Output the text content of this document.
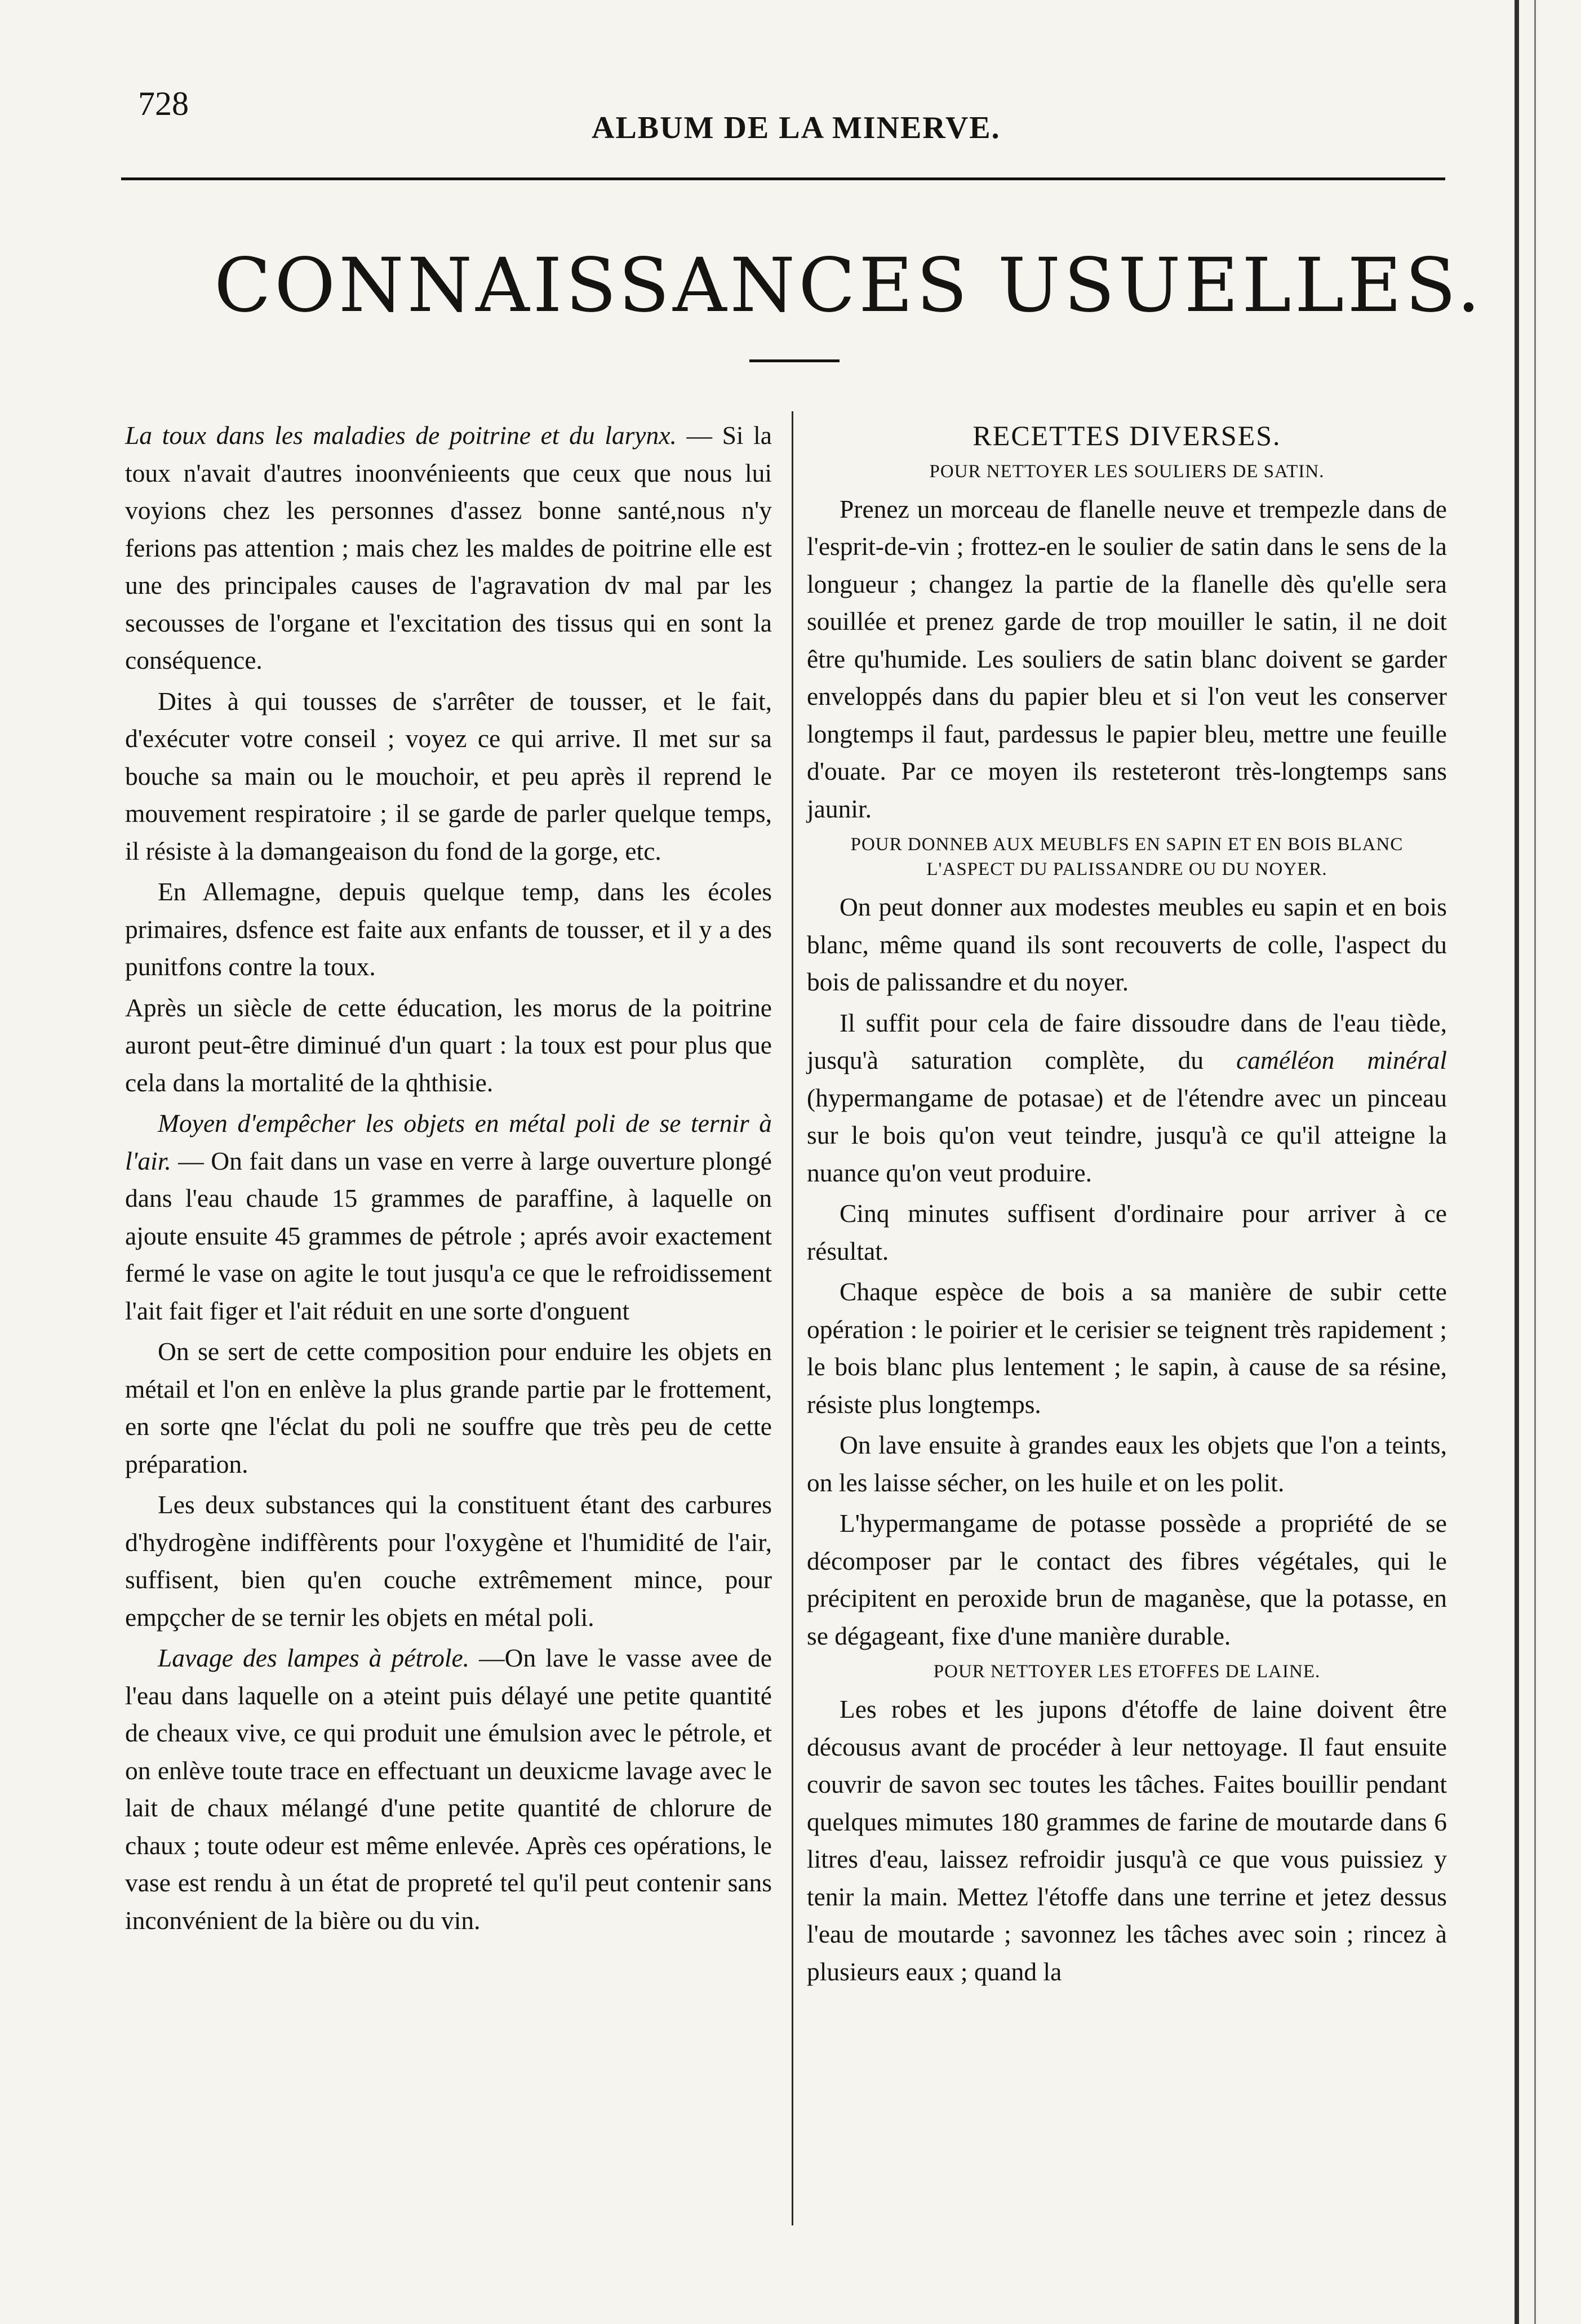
728
ALBUM DE LA MINERVE.
CONNAISSANCES USUELLES.

La toux dans les maladies de poitrine et du larynx. — Si la toux n'avait d'autres inoonvénieents que ceux que nous lui voyions chez les personnes d'assez bonne santé,nous n'y ferions pas attention ; mais chez les maldes de poitrine elle est une des principales causes de l'agravation dv mal par les secousses de l'organe et l'excitation des tissus qui en sont la conséquence.

Dites à qui tousses de s'arrêter de tousser, et le fait, d'exécuter votre conseil ; voyez ce qui arrive. Il met sur sa bouche sa main ou le mouchoir, et peu après il reprend le mouvement respiratoire ; il se garde de parler quelque temps, il résiste à la dəmangeaison du fond de la gorge, etc.

En Allemagne, depuis quelque temp, dans les écoles primaires, dsfence est faite aux enfants de tousser, et il y a des punitfons contre la toux.

Après un siècle de cette éducation, les morus de la poitrine auront peut-être diminué d'un quart : la toux est pour plus que cela dans la mortalité de la qhthisie.

Moyen d'empêcher les objets en métal poli de se ternir à l'air. — On fait dans un vase en verre à large ouverture plongé dans l'eau chaude 15 grammes de paraffine, à laquelle on ajoute ensuite 45 grammes de pétrole ; aprés avoir exactement fermé le vase on agite le tout jusqu'a ce que le refroidissement l'ait fait figer et l'ait réduit en une sorte d'onguent

On se sert de cette composition pour enduire les objets en métail et l'on en enlève la plus grande partie par le frottement, en sorte qne l'éclat du poli ne souffre que très peu de cette préparation.

Les deux substances qui la constituent étant des carbures d'hydrogène indiffèrents pour l'oxygène et l'humidité de l'air, suffisent, bien qu'en couche extrêmement mince, pour empçcher de se ternir les objets en métal poli.

Lavage des lampes à pétrole. —On lave le vasse avee de l'eau dans laquelle on a əteint puis délayé une petite quantité de cheaux vive, ce qui produit une émulsion avec le pétrole, et on enlève toute trace en effectuant un deuxicme lavage avec le lait de chaux mélangé d'une petite quantité de chlorure de chaux ; toute odeur est même enlevée. Après ces opérations, le vase est rendu à un état de propreté tel qu'il peut contenir sans inconvénient de la bière ou du vin.

RECETTES DIVERSES.
POUR NETTOYER LES SOULIERS DE SATIN.

Prenez un morceau de flanelle neuve et trempezle dans de l'esprit-de-vin ; frottez-en le soulier de satin dans le sens de la longueur ; changez la partie de la flanelle dès qu'elle sera souillée et prenez garde de trop mouiller le satin, il ne doit être qu'humide. Les souliers de satin blanc doivent se garder enveloppés dans du papier bleu et si l'on veut les conserver longtemps il faut, pardessus le papier bleu, mettre une feuille d'ouate. Par ce moyen ils resteteront très-longtemps sans jaunir.

POUR DONNEB AUX MEUBLFS EN SAPIN ET EN BOIS BLANC L'ASPECT DU PALISSANDRE OU DU NOYER.

On peut donner aux modestes meubles eu sapin et en bois blanc, même quand ils sont recouverts de colle, l'aspect du bois de palissandre et du noyer.

Il suffit pour cela de faire dissoudre dans de l'eau tiède, jusqu'à saturation complète, du caméléon minéral (hypermangame de potasae) et de l'étendre avec un pinceau sur le bois qu'on veut teindre, jusqu'à ce qu'il atteigne la nuance qu'on veut produire.

Cinq minutes suffisent d'ordinaire pour arriver à ce résultat.

Chaque espèce de bois a sa manière de subir cette opération : le poirier et le cerisier se teignent très rapidement ; le bois blanc plus lentement ; le sapin, à cause de sa résine, résiste plus longtemps.

On lave ensuite à grandes eaux les objets que l'on a teints, on les laisse sécher, on les huile et on les polit.

L'hypermangame de potasse possède a propriété de se décomposer par le contact des fibres végétales, qui le précipitent en peroxide brun de maganèse, que la potasse, en se dégageant, fixe d'une manière durable.

POUR NETTOYER LES ETOFFES DE LAINE.

Les robes et les jupons d'étoffe de laine doivent être décousus avant de procéder à leur nettoyage. Il faut ensuite couvrir de savon sec toutes les tâches. Faites bouillir pendant quelques mimutes 180 grammes de farine de moutarde dans 6 litres d'eau, laissez refroidir jusqu'à ce que vous puissiez y tenir la main. Mettez l'étoffe dans une terrine et jetez dessus l'eau de moutarde ; savonnez les tâches avec soin ; rincez à plusieurs eaux ; quand la
